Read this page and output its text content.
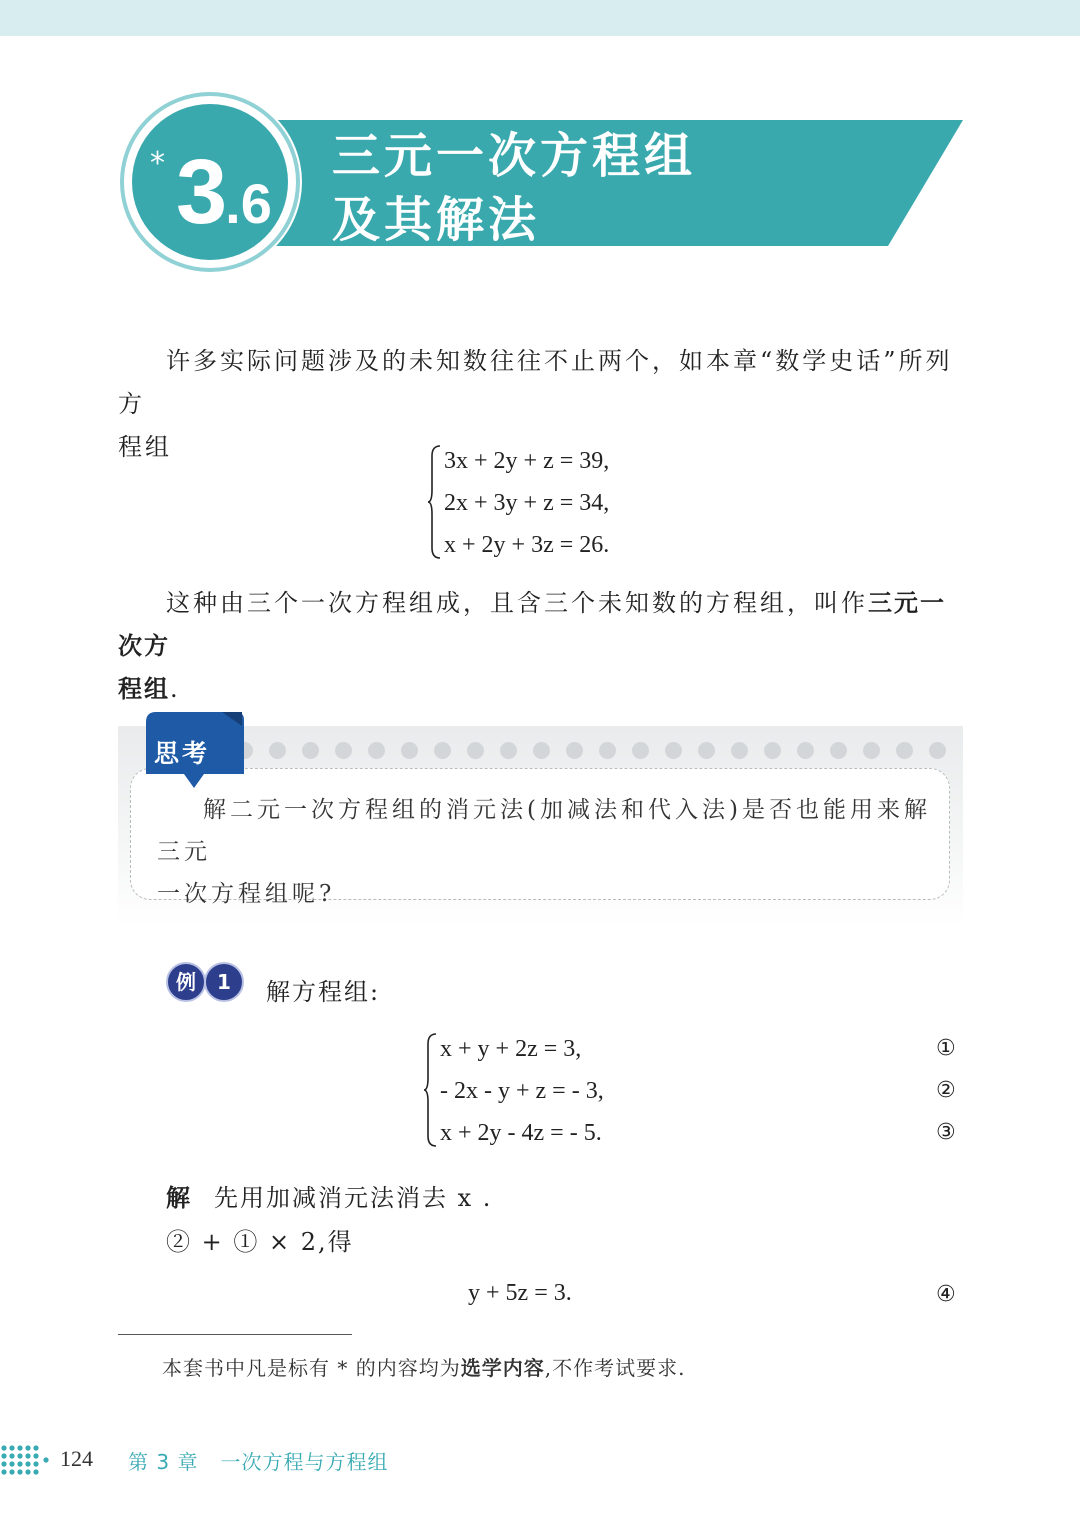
* 3.6
三元一次方程组
及其解法
许多实际问题涉及的未知数往往不止两个，如本章“数学史话”所列方
程组	3x + 2y + z = 39,
2x + 3y + z = 34,
x + 2y + 3z = 26.
这种由三个一次方程组成，且含三个未知数的方程组，叫作三元一次方
程组.
解二元一次方程组的消元法(加减法和代入法)是否也能用来解三元
一次方程组呢?
思考
例	1	解方程组:
x + y + 2z = 3,
- 2x - y + z = - 3,
x + 2y - 4z = - 5.
①
②
③
解 先用加减消元法消去 x .
② + ① × 2,得
y + 5z = 3.	④
本套书中凡是标有 * 的内容均为选学内容,不作考试要求.
124 第 3 章 一次方程与方程组
